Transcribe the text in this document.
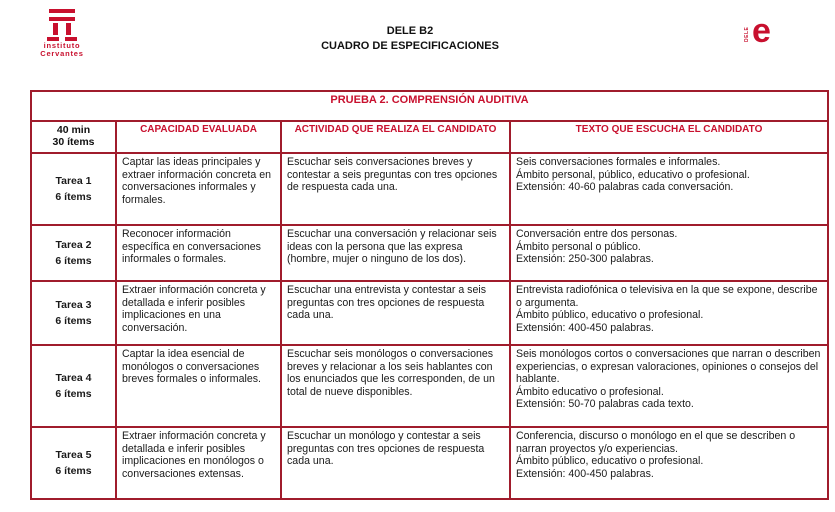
instituto
Cervantes
DELE B2
CUADRO DE ESPECIFICACIONES
DELE e
PRUEBA 2. COMPRENSIÓN AUDITIVA			

40 min
30 ítems	CAPACIDAD EVALUADA	ACTIVIDAD QUE REALIZA EL CANDIDATO	TEXTO QUE ESCUCHA EL CANDIDATO

Tarea 1
6 ítems	Captar las ideas principales y extraer información concreta en conversaciones informales y formales.	Escuchar seis conversaciones breves y contestar a seis preguntas con tres opciones de respuesta cada una.	Seis conversaciones formales e informales.
Ámbito personal, público, educativo o profesional.
Extensión: 40-60 palabras cada conversación.

Tarea 2
6 ítems	Reconocer información específica en conversaciones informales o formales.	Escuchar una conversación y relacionar seis ideas con la persona que las expresa (hombre, mujer o ninguno de los dos).	Conversación entre dos personas.
Ámbito personal o público.
Extensión: 250-300 palabras.

Tarea 3
6 ítems	Extraer información concreta y detallada e inferir posibles implicaciones en una conversación.	Escuchar una entrevista y contestar a seis preguntas con tres opciones de respuesta cada una.	Entrevista radiofónica o televisiva en la que se expone, describe o argumenta.
Ámbito público, educativo o profesional.
Extensión: 400-450 palabras.

Tarea 4
6 ítems	Captar la idea esencial de monólogos o conversaciones breves formales o informales.	Escuchar seis monólogos o conversaciones breves y relacionar a los seis hablantes con los enunciados que les corresponden, de un total de nueve disponibles.	Seis monólogos cortos o conversaciones que narran o describen experiencias, o expresan valoraciones, opiniones o consejos del hablante.
Ámbito educativo o profesional.
Extensión: 50-70 palabras cada texto.

Tarea 5
6 ítems	Extraer información concreta y detallada e inferir posibles implicaciones en monólogos o conversaciones extensas.	Escuchar un monólogo y contestar a seis preguntas con tres opciones de respuesta cada una.	Conferencia, discurso o monólogo en el que se describen o narran proyectos y/o experiencias.
Ámbito público, educativo o profesional.
Extensión: 400-450 palabras.
